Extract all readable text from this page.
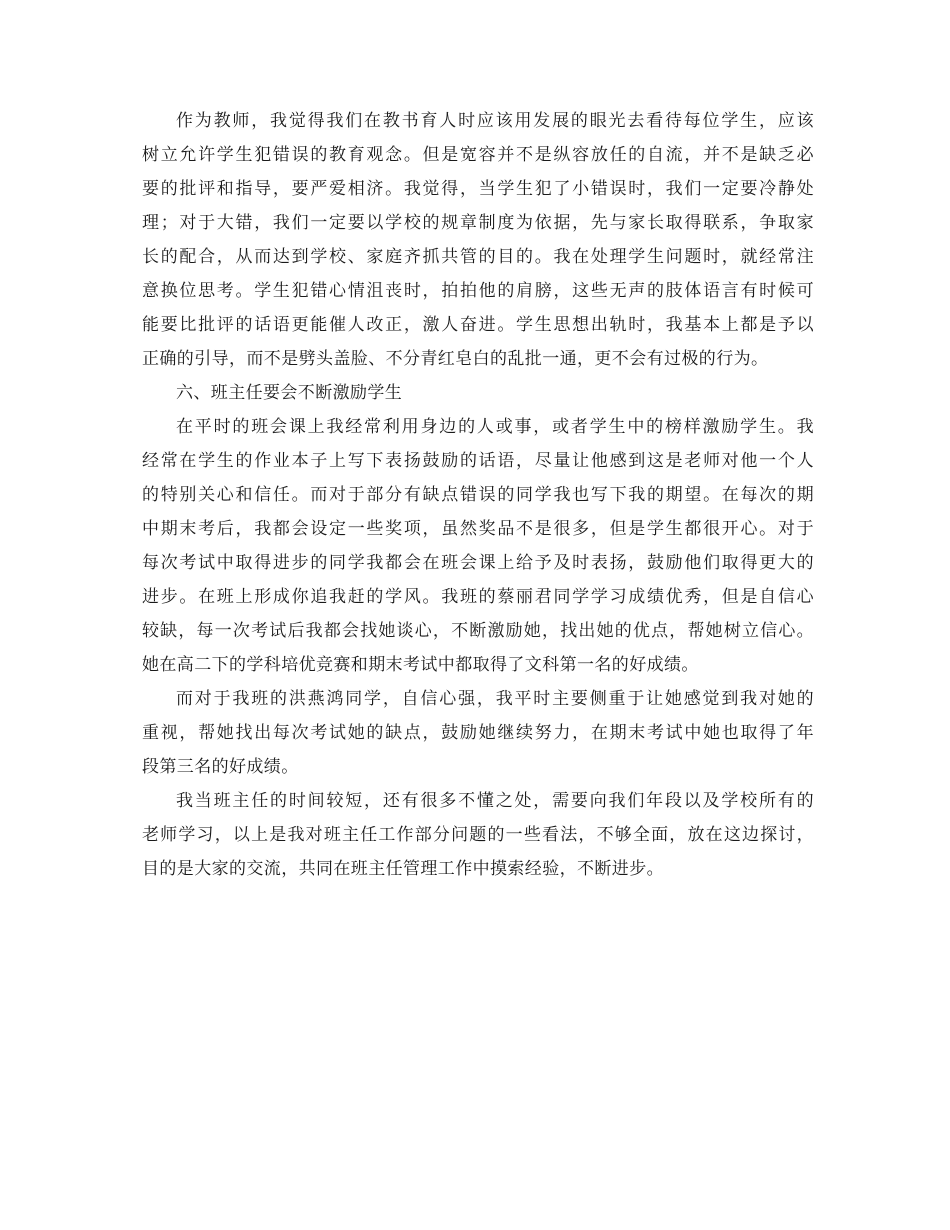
作为教师，我觉得我们在教书育人时应该用发展的眼光去看待每位学生，应该
树立允许学生犯错误的教育观念。但是宽容并不是纵容放任的自流，并不是缺乏必
要的批评和指导，要严爱相济。我觉得，当学生犯了小错误时，我们一定要冷静处
理；对于大错，我们一定要以学校的规章制度为依据，先与家长取得联系，争取家
长的配合，从而达到学校、家庭齐抓共管的目的。我在处理学生问题时，就经常注
意换位思考。学生犯错心情沮丧时，拍拍他的肩膀，这些无声的肢体语言有时候可
能要比批评的话语更能催人改正，激人奋进。学生思想出轨时，我基本上都是予以
正确的引导，而不是劈头盖脸、不分青红皂白的乱批一通，更不会有过极的行为。
六、班主任要会不断激励学生
在平时的班会课上我经常利用身边的人或事，或者学生中的榜样激励学生。我
经常在学生的作业本子上写下表扬鼓励的话语，尽量让他感到这是老师对他一个人
的特别关心和信任。而对于部分有缺点错误的同学我也写下我的期望。在每次的期
中期末考后，我都会设定一些奖项，虽然奖品不是很多，但是学生都很开心。对于
每次考试中取得进步的同学我都会在班会课上给予及时表扬，鼓励他们取得更大的
进步。在班上形成你追我赶的学风。我班的蔡丽君同学学习成绩优秀，但是自信心
较缺，每一次考试后我都会找她谈心，不断激励她，找出她的优点，帮她树立信心。
她在高二下的学科培优竞赛和期末考试中都取得了文科第一名的好成绩。
而对于我班的洪燕鸿同学，自信心强，我平时主要侧重于让她感觉到我对她的
重视，帮她找出每次考试她的缺点，鼓励她继续努力，在期末考试中她也取得了年
段第三名的好成绩。
我当班主任的时间较短，还有很多不懂之处，需要向我们年段以及学校所有的
老师学习，以上是我对班主任工作部分问题的一些看法，不够全面，放在这边探讨，
目的是大家的交流，共同在班主任管理工作中摸索经验，不断进步。
